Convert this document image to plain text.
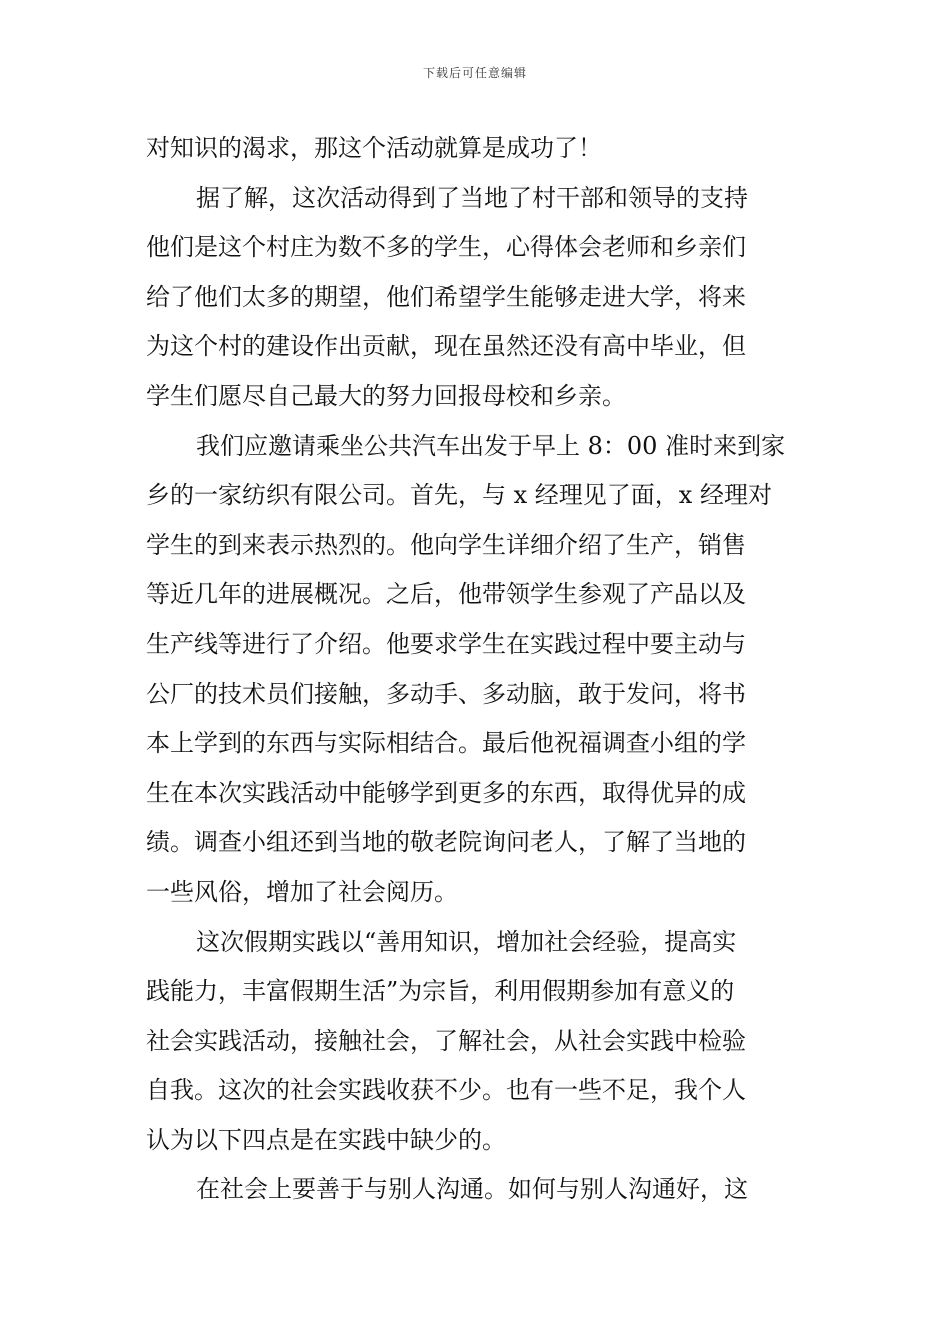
下载后可任意编辑
对知识的渴求，那这个活动就算是成功了！
据了解，这次活动得到了当地了村干部和领导的支持
他们是这个村庄为数不多的学生，心得体会老师和乡亲们
给了他们太多的期望，他们希望学生能够走进大学，将来
为这个村的建设作出贡献，现在虽然还没有高中毕业，但
学生们愿尽自己最大的努力回报母校和乡亲。
我们应邀请乘坐公共汽车出发于早上 8：00 准时来到家
乡的一家纺织有限公司。首先，与 x 经理见了面，x 经理对
学生的到来表示热烈的。他向学生详细介绍了生产，销售
等近几年的进展概况。之后，他带领学生参观了产品以及
生产线等进行了介绍。他要求学生在实践过程中要主动与
公厂的技术员们接触，多动手、多动脑，敢于发问，将书
本上学到的东西与实际相结合。最后他祝福调查小组的学
生在本次实践活动中能够学到更多的东西，取得优异的成
绩。调查小组还到当地的敬老院询问老人，了解了当地的
一些风俗，增加了社会阅历。
这次假期实践以“善用知识，增加社会经验，提高实
践能力，丰富假期生活”为宗旨，利用假期参加有意义的
社会实践活动，接触社会，了解社会，从社会实践中检验
自我。这次的社会实践收获不少。也有一些不足，我个人
认为以下四点是在实践中缺少的。
在社会上要善于与别人沟通。如何与别人沟通好，这
